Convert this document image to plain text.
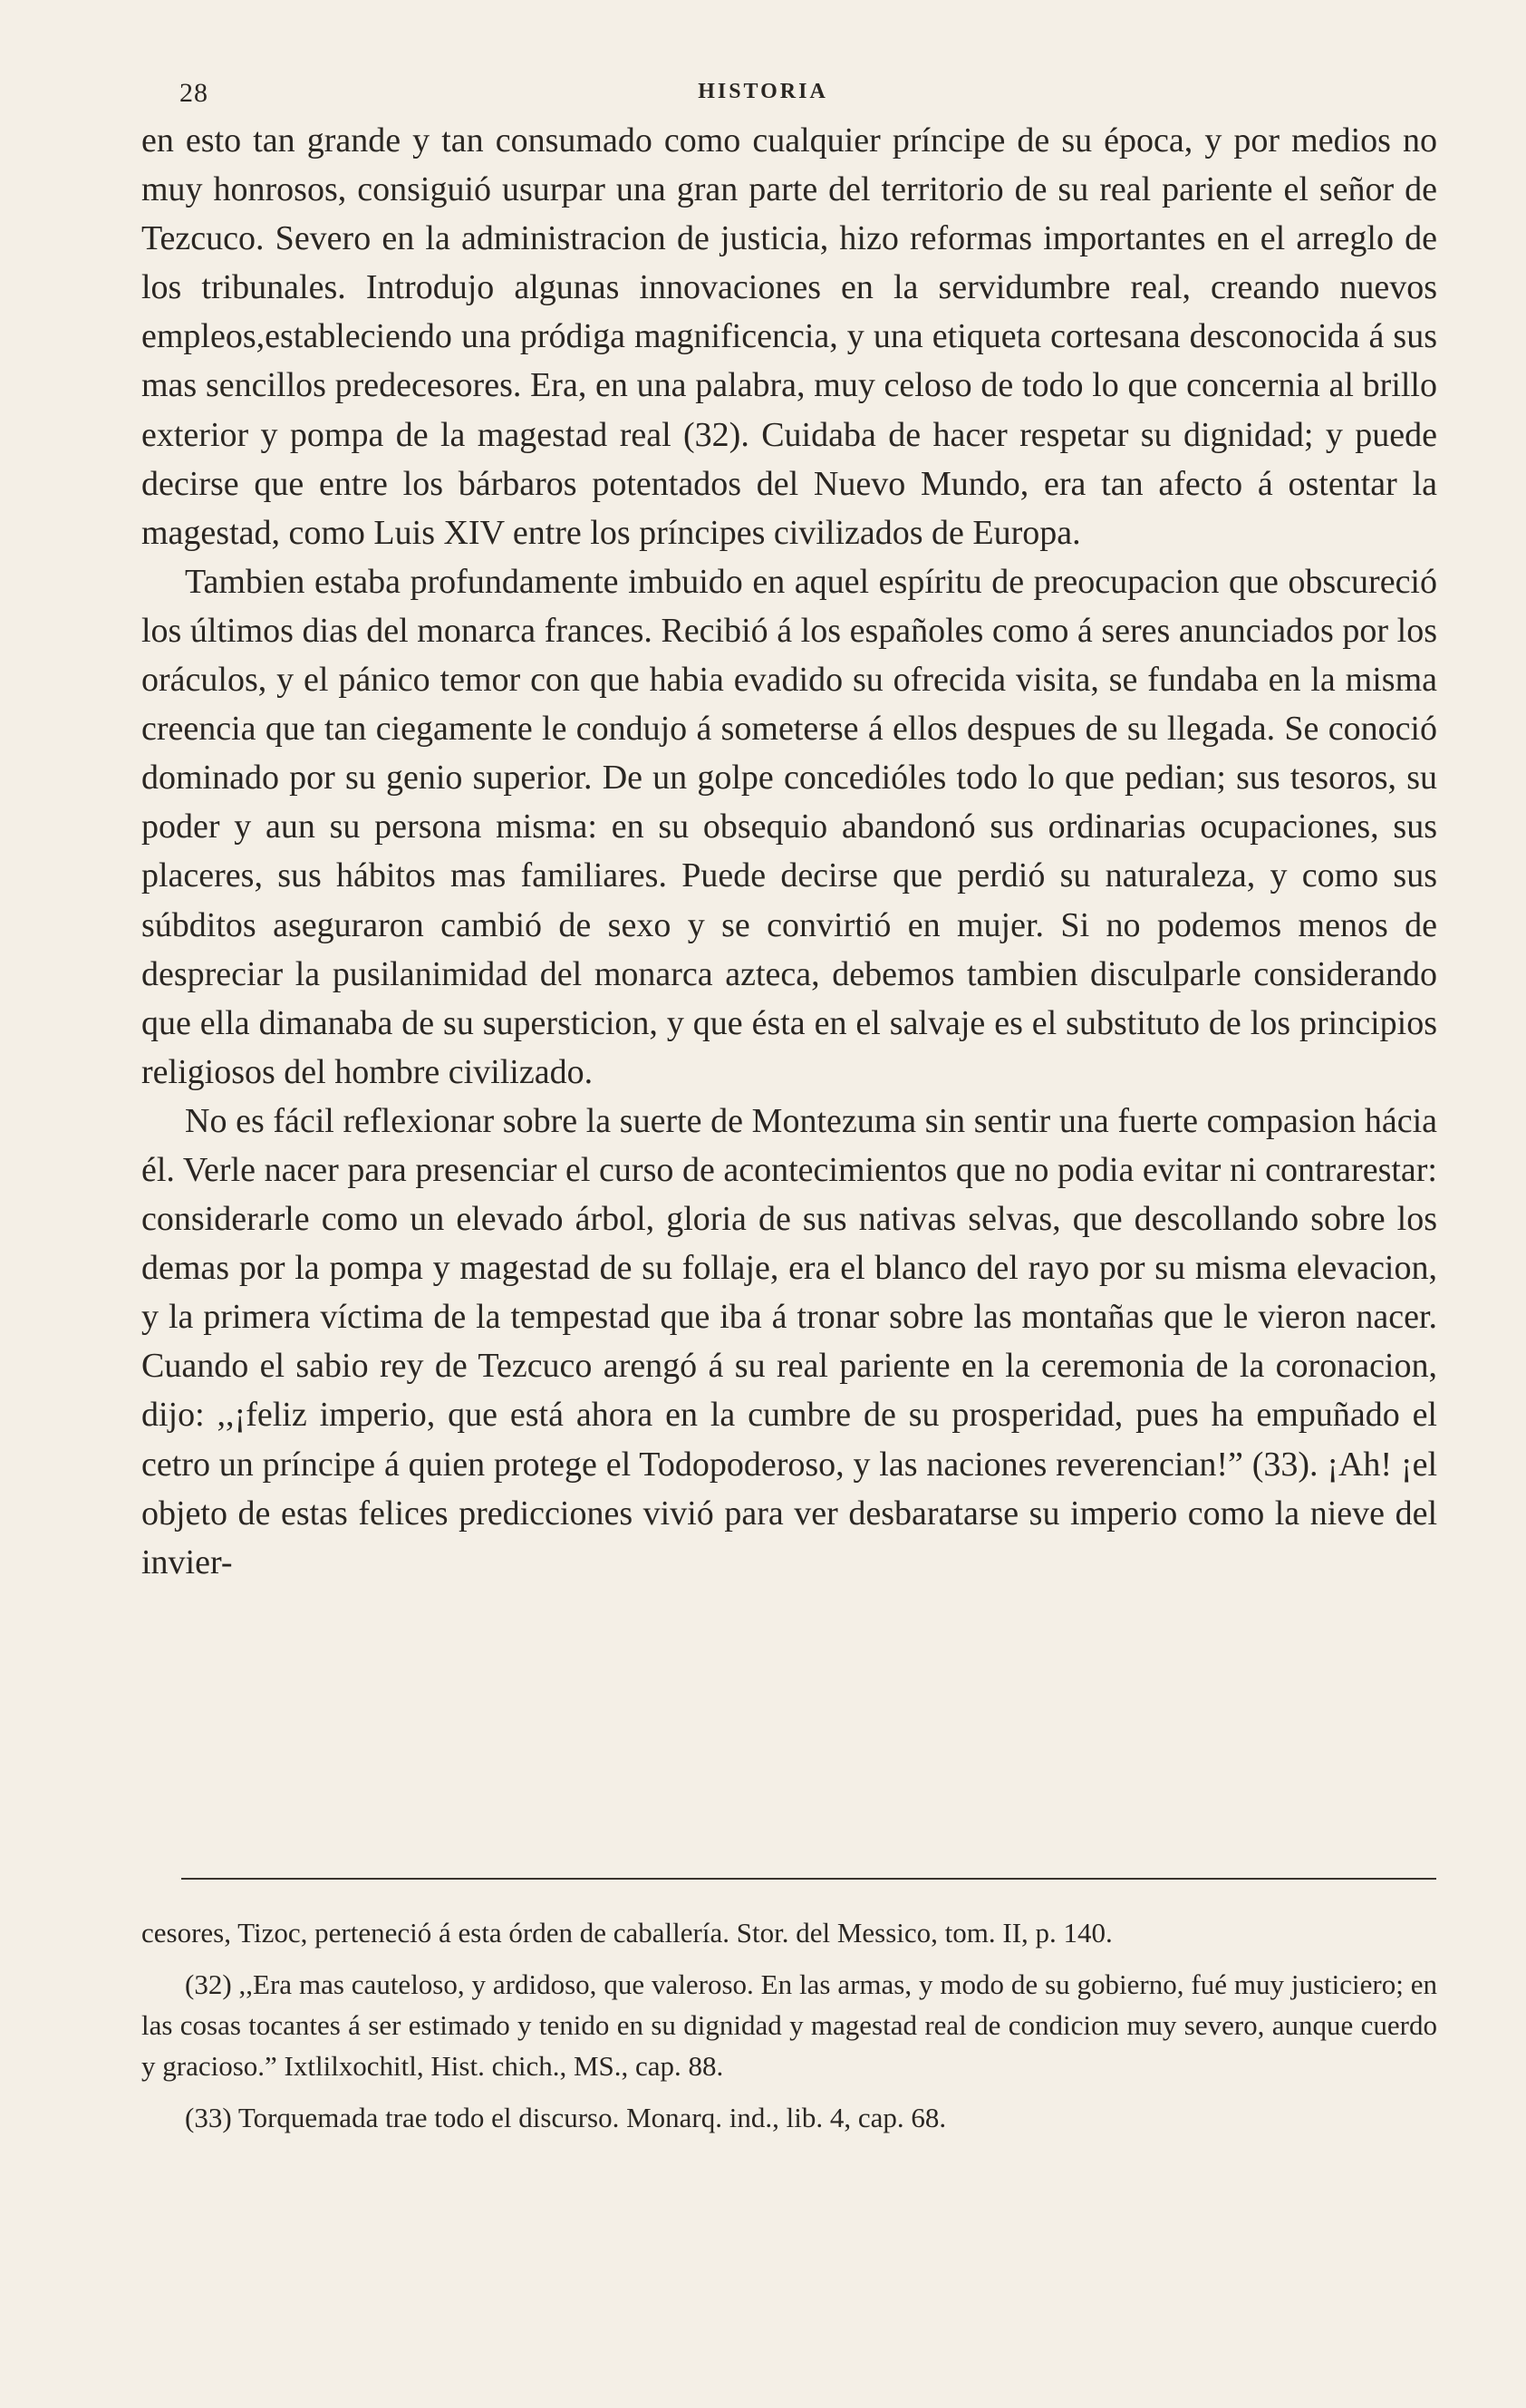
28	HISTORIA

en esto tan grande y tan consumado como cualquier príncipe de su época, y por medios no muy honrosos, consiguió usurpar una gran parte del territorio de su real pariente el señor de Tezcuco. Severo en la administracion de justicia, hizo reformas importantes en el arreglo de los tribunales. Introdujo algunas innovaciones en la servidumbre real, creando nuevos empleos,estableciendo una pródiga magnificencia, y una etiqueta cortesana desconocida á sus mas sencillos predecesores. Era, en una palabra, muy celoso de todo lo que concernia al brillo exterior y pompa de la magestad real (32). Cuidaba de hacer respetar su dignidad; y puede decirse que entre los bárbaros potentados del Nuevo Mundo, era tan afecto á ostentar la magestad, como Luis XIV entre los príncipes civilizados de Europa.

Tambien estaba profundamente imbuido en aquel espíritu de preocupacion que obscureció los últimos dias del monarca frances. Recibió á los españoles como á seres anunciados por los oráculos, y el pánico temor con que habia evadido su ofrecida visita, se fundaba en la misma creencia que tan ciegamente le condujo á someterse á ellos despues de su llegada. Se conoció dominado por su genio superior. De un golpe concedióles todo lo que pedian; sus tesoros, su poder y aun su persona misma: en su obsequio abandonó sus ordinarias ocupaciones, sus placeres, sus hábitos mas familiares. Puede decirse que perdió su naturaleza, y como sus súbditos aseguraron cambió de sexo y se convirtió en mujer. Si no podemos menos de despreciar la pusilanimidad del monarca azteca, debemos tambien disculparle considerando que ella dimanaba de su supersticion, y que ésta en el salvaje es el substituto de los principios religiosos del hombre civilizado.

No es fácil reflexionar sobre la suerte de Montezuma sin sentir una fuerte compasion hácia él. Verle nacer para presenciar el curso de acontecimientos que no podia evitar ni contrarestar: considerarle como un elevado árbol, gloria de sus nativas selvas, que descollando sobre los demas por la pompa y magestad de su follaje, era el blanco del rayo por su misma elevacion, y la primera víctima de la tempestad que iba á tronar sobre las montañas que le vieron nacer. Cuando el sabio rey de Tezcuco arengó á su real pariente en la ceremonia de la coronacion, dijo: ,,¡feliz imperio, que está ahora en la cumbre de su prosperidad, pues ha empuñado el cetro un príncipe á quien protege el Todopoderoso, y las naciones reverencian!” (33). ¡Ah! ¡el objeto de estas felices predicciones vivió para ver desbaratarse su imperio como la nieve del invier-

cesores, Tizoc, perteneció á esta órden de caballería. Stor. del Messico, tom. II, p. 140.

(32) ,,Era mas cauteloso, y ardidoso, que valeroso. En las armas, y modo de su gobierno, fué muy justiciero; en las cosas tocantes á ser estimado y tenido en su dignidad y magestad real de condicion muy severo, aunque cuerdo y gracioso.” Ixtlilxochitl, Hist. chich., MS., cap. 88.

(33) Torquemada trae todo el discurso. Monarq. ind., lib. 4, cap. 68.
